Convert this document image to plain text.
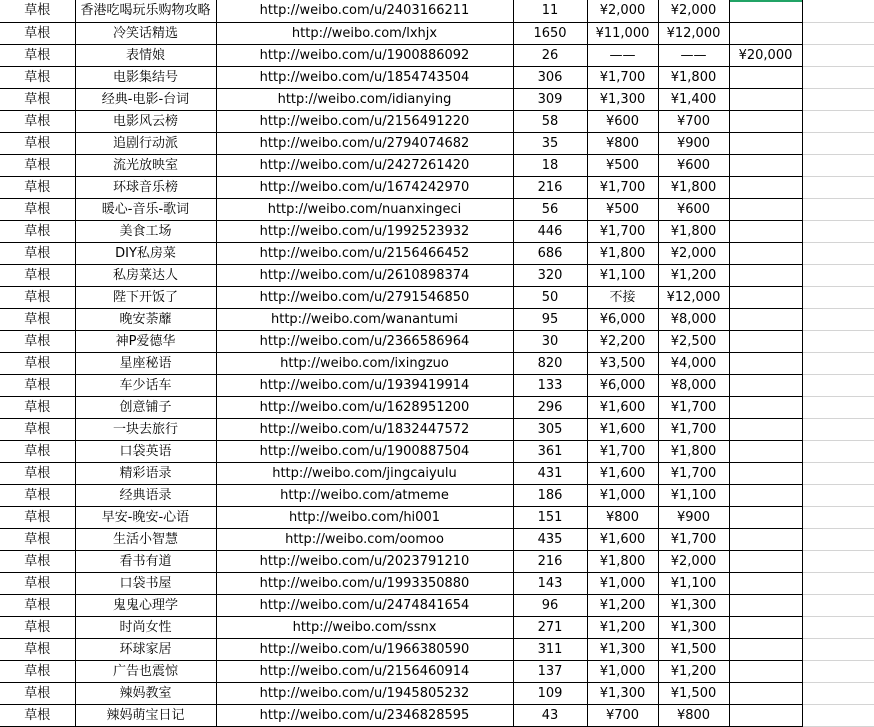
草根	香港吃喝玩乐购物攻略	http://weibo.com/u/2403166211	11	¥2,000	¥2,000		
草根	冷笑话精选	http://weibo.com/lxhjx	1650	¥11,000	¥12,000		
草根	表情娘	http://weibo.com/u/1900886092	26	——	——	¥20,000	
草根	电影集结号	http://weibo.com/u/1854743504	306	¥1,700	¥1,800		
草根	经典-电影-台词	http://weibo.com/idianying	309	¥1,300	¥1,400		
草根	电影风云榜	http://weibo.com/u/2156491220	58	¥600	¥700		
草根	追剧行动派	http://weibo.com/u/2794074682	35	¥800	¥900		
草根	流光放映室	http://weibo.com/u/2427261420	18	¥500	¥600		
草根	环球音乐榜	http://weibo.com/u/1674242970	216	¥1,700	¥1,800		
草根	暖心-音乐-歌词	http://weibo.com/nuanxingeci	56	¥500	¥600		
草根	美食工场	http://weibo.com/u/1992523932	446	¥1,700	¥1,800		
草根	DIY私房菜	http://weibo.com/u/2156466452	686	¥1,800	¥2,000		
草根	私房菜达人	http://weibo.com/u/2610898374	320	¥1,100	¥1,200		
草根	陛下开饭了	http://weibo.com/u/2791546850	50	不接	¥12,000		
草根	晚安荼蘼	http://weibo.com/wanantumi	95	¥6,000	¥8,000		
草根	神P爱德华	http://weibo.com/u/2366586964	30	¥2,200	¥2,500		
草根	星座秘语	http://weibo.com/ixingzuo	820	¥3,500	¥4,000		
草根	车少话车	http://weibo.com/u/1939419914	133	¥6,000	¥8,000		
草根	创意铺子	http://weibo.com/u/1628951200	296	¥1,600	¥1,700		
草根	一块去旅行	http://weibo.com/u/1832447572	305	¥1,600	¥1,700		
草根	口袋英语	http://weibo.com/u/1900887504	361	¥1,700	¥1,800		
草根	精彩语录	http://weibo.com/jingcaiyulu	431	¥1,600	¥1,700		
草根	经典语录	http://weibo.com/atmeme	186	¥1,000	¥1,100		
草根	早安-晚安-心语	http://weibo.com/hi001	151	¥800	¥900		
草根	生活小智慧	http://weibo.com/oomoo	435	¥1,600	¥1,700		
草根	看书有道	http://weibo.com/u/2023791210	216	¥1,800	¥2,000		
草根	口袋书屋	http://weibo.com/u/1993350880	143	¥1,000	¥1,100		
草根	鬼鬼心理学	http://weibo.com/u/2474841654	96	¥1,200	¥1,300		
草根	时尚女性	http://weibo.com/ssnx	271	¥1,200	¥1,300		
草根	环球家居	http://weibo.com/u/1966380590	311	¥1,300	¥1,500		
草根	广告也震惊	http://weibo.com/u/2156460914	137	¥1,000	¥1,200		
草根	辣妈教室	http://weibo.com/u/1945805232	109	¥1,300	¥1,500		
草根	辣妈萌宝日记	http://weibo.com/u/2346828595	43	¥700	¥800		
